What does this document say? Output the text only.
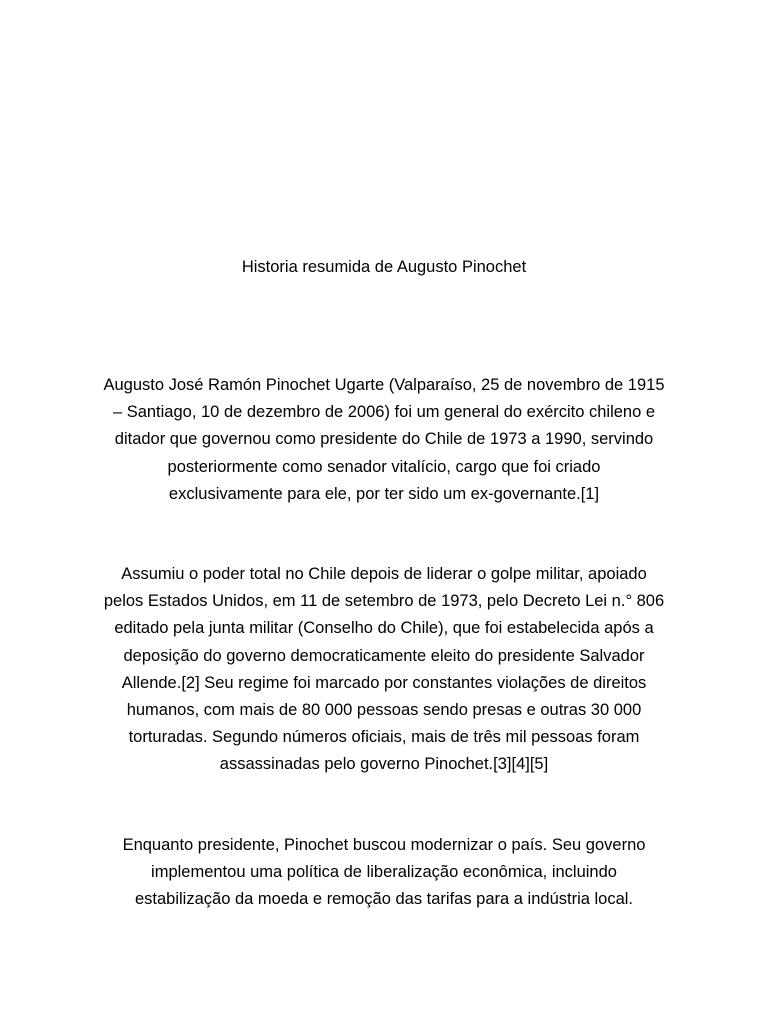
Historia resumida de Augusto Pinochet

Augusto José Ramón Pinochet Ugarte (Valparaíso, 25 de novembro de 1915
– Santiago, 10 de dezembro de 2006) foi um general do exército chileno e
ditador que governou como presidente do Chile de 1973 a 1990, servindo
posteriormente como senador vitalício, cargo que foi criado
exclusivamente para ele, por ter sido um ex-governante.[1]

Assumiu o poder total no Chile depois de liderar o golpe militar, apoiado
pelos Estados Unidos, em 11 de setembro de 1973, pelo Decreto Lei n.° 806
editado pela junta militar (Conselho do Chile), que foi estabelecida após a
deposição do governo democraticamente eleito do presidente Salvador
Allende.[2] Seu regime foi marcado por constantes violações de direitos
humanos, com mais de 80 000 pessoas sendo presas e outras 30 000
torturadas. Segundo números oficiais, mais de três mil pessoas foram
assassinadas pelo governo Pinochet.[3][4][5]

Enquanto presidente, Pinochet buscou modernizar o país. Seu governo
implementou uma política de liberalização econômica, incluindo
estabilização da moeda e remoção das tarifas para a indústria local.
